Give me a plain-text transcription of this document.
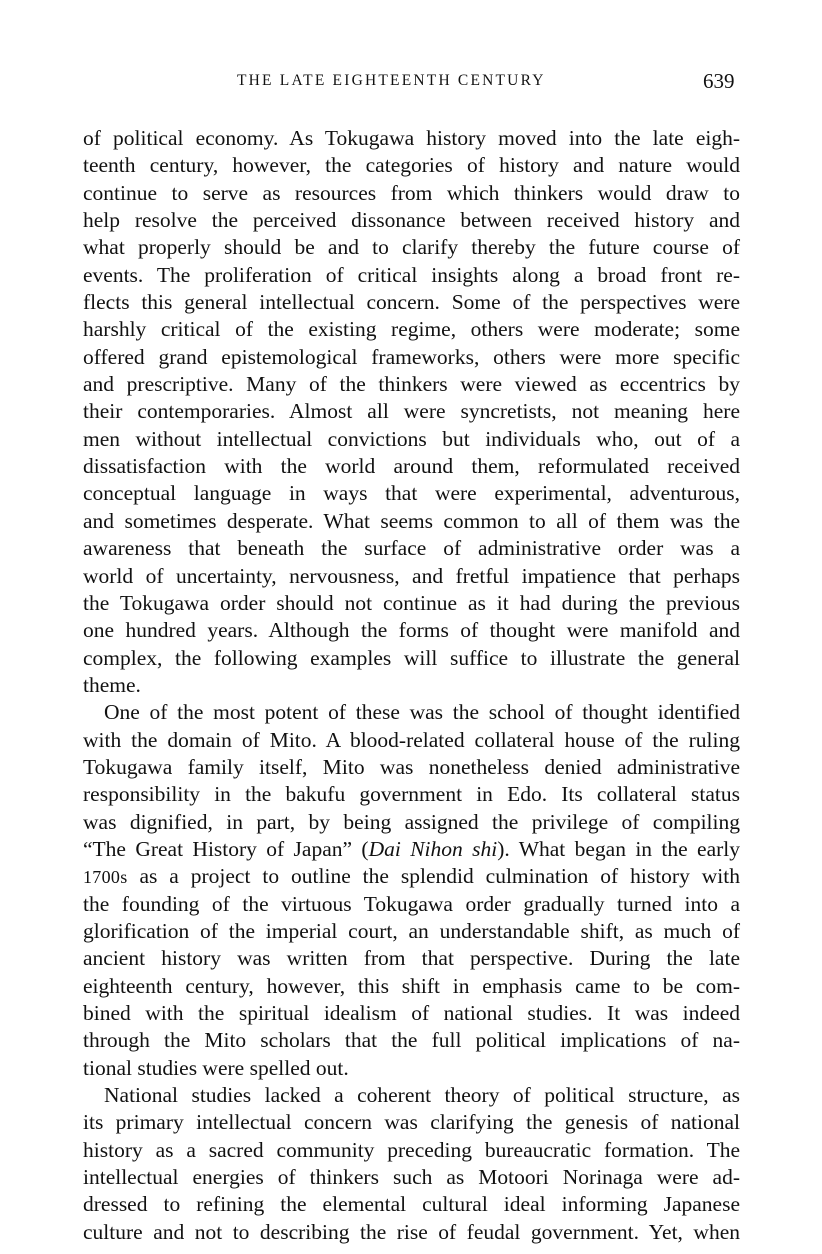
THE LATE EIGHTEENTH CENTURY	639
of political economy. As Tokugawa history moved into the late eigh-
teenth century, however, the categories of history and nature would
continue to serve as resources from which thinkers would draw to
help resolve the perceived dissonance between received history and
what properly should be and to clarify thereby the future course of
events. The proliferation of critical insights along a broad front re-
flects this general intellectual concern. Some of the perspectives were
harshly critical of the existing regime, others were moderate; some
offered grand epistemological frameworks, others were more specific
and prescriptive. Many of the thinkers were viewed as eccentrics by
their contemporaries. Almost all were syncretists, not meaning here
men without intellectual convictions but individuals who, out of a
dissatisfaction with the world around them, reformulated received
conceptual language in ways that were experimental, adventurous,
and sometimes desperate. What seems common to all of them was the
awareness that beneath the surface of administrative order was a
world of uncertainty, nervousness, and fretful impatience that perhaps
the Tokugawa order should not continue as it had during the previous
one hundred years. Although the forms of thought were manifold and
complex, the following examples will suffice to illustrate the general
theme.
One of the most potent of these was the school of thought identified
with the domain of Mito. A blood-related collateral house of the ruling
Tokugawa family itself, Mito was nonetheless denied administrative
responsibility in the bakufu government in Edo. Its collateral status
was dignified, in part, by being assigned the privilege of compiling
“The Great History of Japan” (Dai Nihon shi). What began in the early
1700s as a project to outline the splendid culmination of history with
the founding of the virtuous Tokugawa order gradually turned into a
glorification of the imperial court, an understandable shift, as much of
ancient history was written from that perspective. During the late
eighteenth century, however, this shift in emphasis came to be com-
bined with the spiritual idealism of national studies. It was indeed
through the Mito scholars that the full political implications of na-
tional studies were spelled out.
National studies lacked a coherent theory of political structure, as
its primary intellectual concern was clarifying the genesis of national
history as a sacred community preceding bureaucratic formation. The
intellectual energies of thinkers such as Motoori Norinaga were ad-
dressed to refining the elemental cultural ideal informing Japanese
culture and not to describing the rise of feudal government. Yet, when
